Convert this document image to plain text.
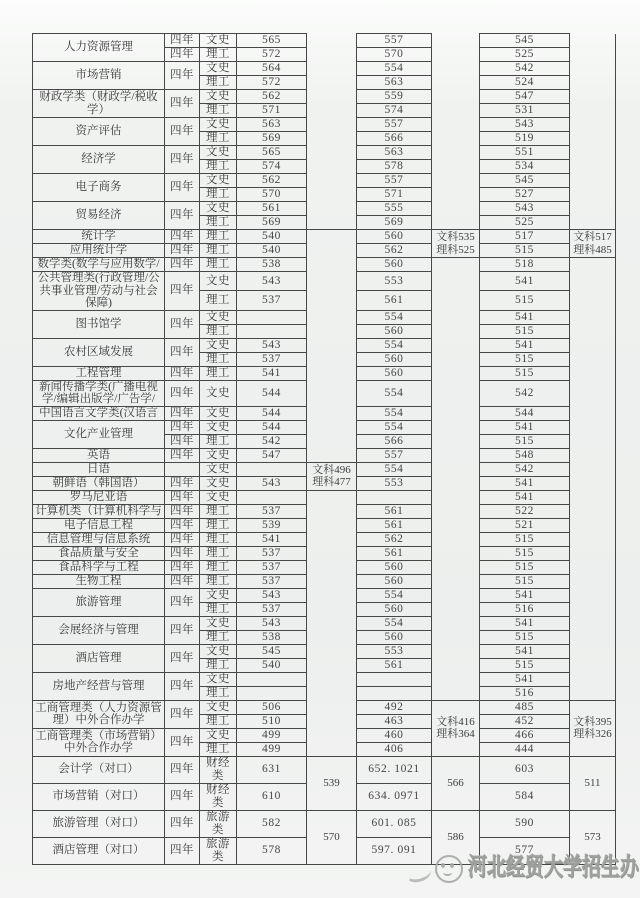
人力资源管理	四年	文史	565		557		545	
	四年	理工	572		570		525	
市场营销	四年	文史	564		554		542	
		理工	572		563		524	
财政学类（财政学/税收学）	四年	文史	562		559		547	
		理工	571		574		531	
资产评估	四年	文史	563		557		543	
		理工	569		566		519	
经济学	四年	文史	565		563		551	
		理工	574		578		534	
电子商务	四年	文史	562		557		545	
		理工	570		571		527	
贸易经济	四年	文史	561		555		543	
		理工	569		569		525	
统计学	四年	理工	540		560	文科535理科525	517	文科517理科485
应用统计学	四年	理工	540		562		515	
数学类(数学与应用数学/	四年	理工	538		560		518	
公共管理类(行政管理/公共事业管理/劳动与社会保障)	四年	文史	543		553		541	
		理工	537		561		515	
图书馆学	四年	文史			554		541	
		理工			560		515	
农村区域发展	四年	文史	543		554		541	
		理工	537		560		515	
工程管理	四年	理工	541		560		515	
新闻传播学类(广播电视学/编辑出版学/广告学/	四年	文史	544		554		542	
中国语言文学类(汉语言	四年	文史	544		554		544	
文化产业管理	四年	文史	544		554		541	
	四年	理工	542		566		515	
英语	四年	文史	547		557		548	
日语		文史		文科496理科477	554		542	
朝鲜语（韩国语）	四年	文史	543		553		541	
罗马尼亚语	四年	文史					541	
计算机类（计算机科学与	四年	理工	537		561		522	
电子信息工程	四年	理工	539		561		521	
信息管理与信息系统	四年	理工	541		562		515	
食品质量与安全	四年	理工	537		561		515	
食品科学与工程	四年	理工	537		560		515	
生物工程	四年	理工	537		560		515	
旅游管理	四年	文史	543		554		541	
		理工	537		560		516	
会展经济与管理	四年	文史	543		554		541	
		理工	538		560		515	
酒店管理	四年	文史	545		553		541	
		理工	540		561		515	
房地产经营与管理	四年	文史					541	
		理工					516	
工商管理类（人力资源管理）中外合作办学	四年	文史	506		492	文科416理科364	485	文科395理科326
		理工	510		463		452	
工商管理类（市场营销）中外合作办学	四年	文史	499		460		466	
		理工	499		406		444	
会计学（对口）	四年	财经类	631	539	652. 1021	566	603	511
市场营销（对口）	四年	财经类	610		634. 0971		584	
旅游管理（对口）	四年	旅游类	582	570	601. 085	586	590	573
酒店管理（对口）	四年	旅游类	578		597. 091		577	
河北经贸大学招生办
